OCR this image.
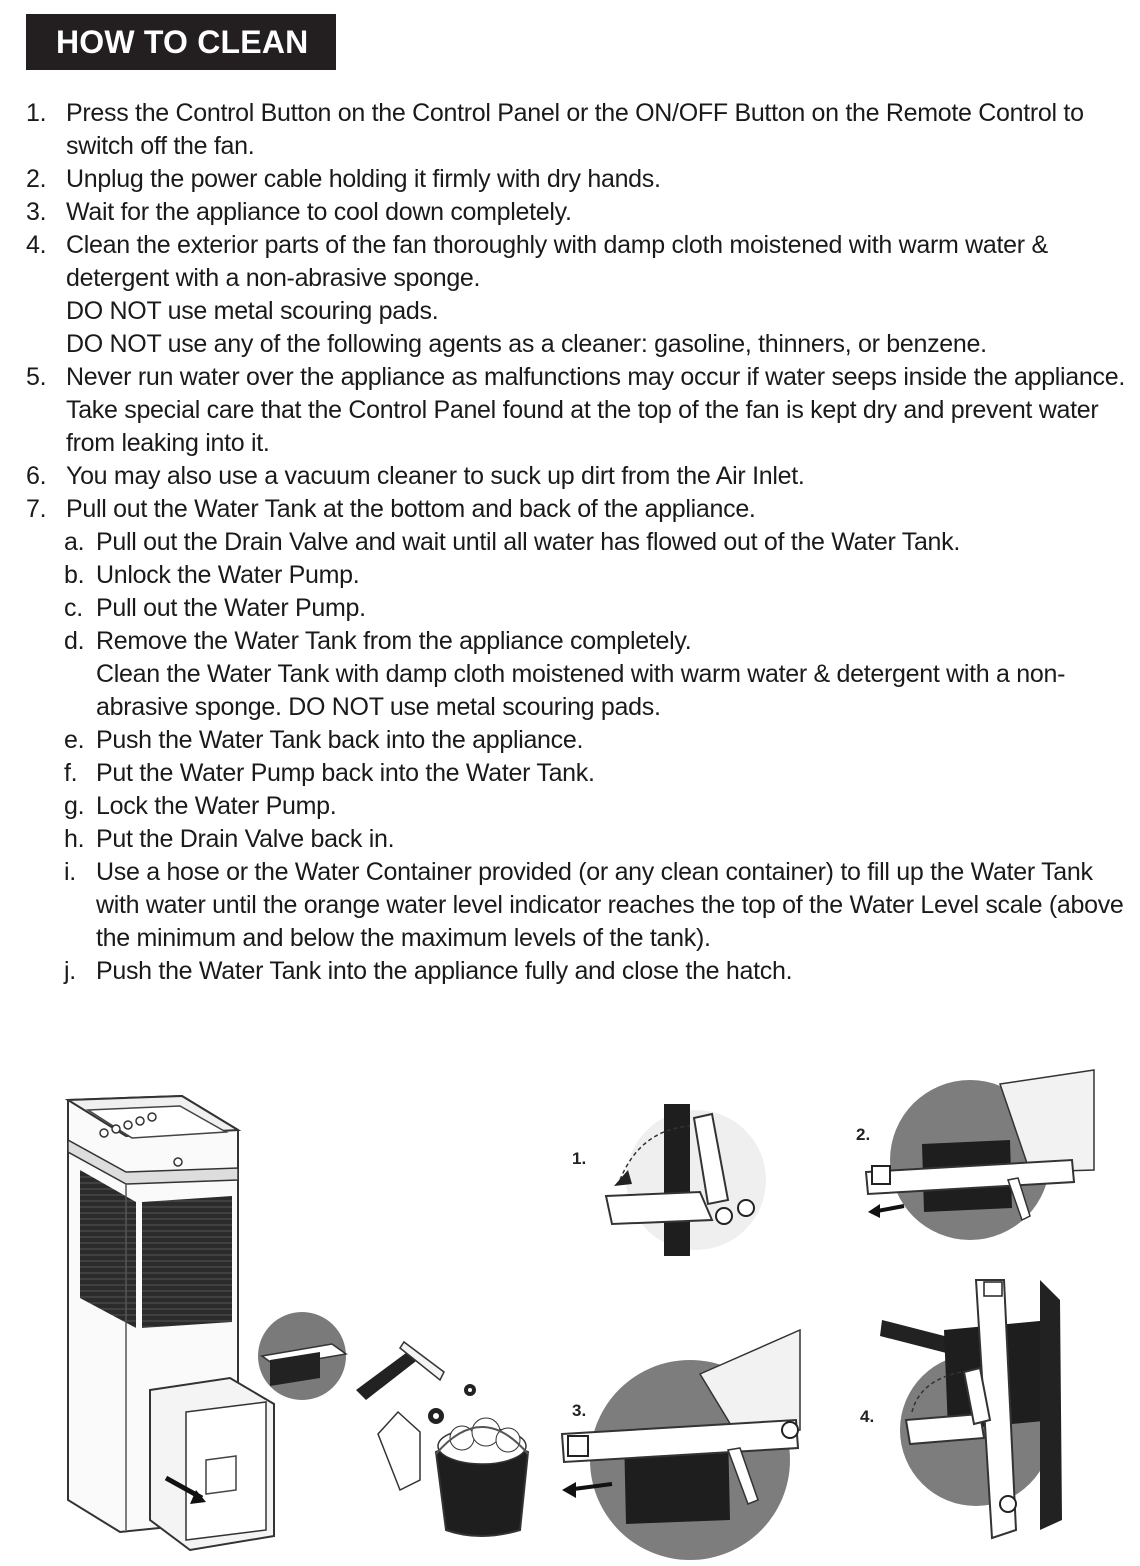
HOW TO CLEAN
1. Press the Control Button on the Control Panel or the ON/OFF Button on the Remote Control to switch off the fan.
2. Unplug the power cable holding it firmly with dry hands.
3. Wait for the appliance to cool down completely.
4. Clean the exterior parts of the fan thoroughly with damp cloth moistened with warm water & detergent with a non-abrasive sponge.
DO NOT use metal scouring pads.
DO NOT use any of the following agents as a cleaner: gasoline, thinners, or benzene.
5. Never run water over the appliance as malfunctions may occur if water seeps inside the appliance. Take special care that the Control Panel found at the top of the fan is kept dry and prevent water from leaking into it.
6. You may also use a vacuum cleaner to suck up dirt from the Air Inlet.
7. Pull out the Water Tank at the bottom and back of the appliance.
a. Pull out the Drain Valve and wait until all water has flowed out of the Water Tank.
b. Unlock the Water Pump.
c. Pull out the Water Pump.
d. Remove the Water Tank from the appliance completely.
Clean the Water Tank with damp cloth moistened with warm water & detergent with a non-abrasive sponge. DO NOT use metal scouring pads.
e. Push the Water Tank back into the appliance.
f. Put the Water Pump back into the Water Tank.
g. Lock the Water Pump.
h. Put the Drain Valve back in.
i. Use a hose or the Water Container provided (or any clean container) to fill up the Water Tank with water until the orange water level indicator reaches the top of the Water Level scale (above the minimum and below the maximum levels of the tank).
j. Push the Water Tank into the appliance fully and close the hatch.
1.
2.
3.	4.
